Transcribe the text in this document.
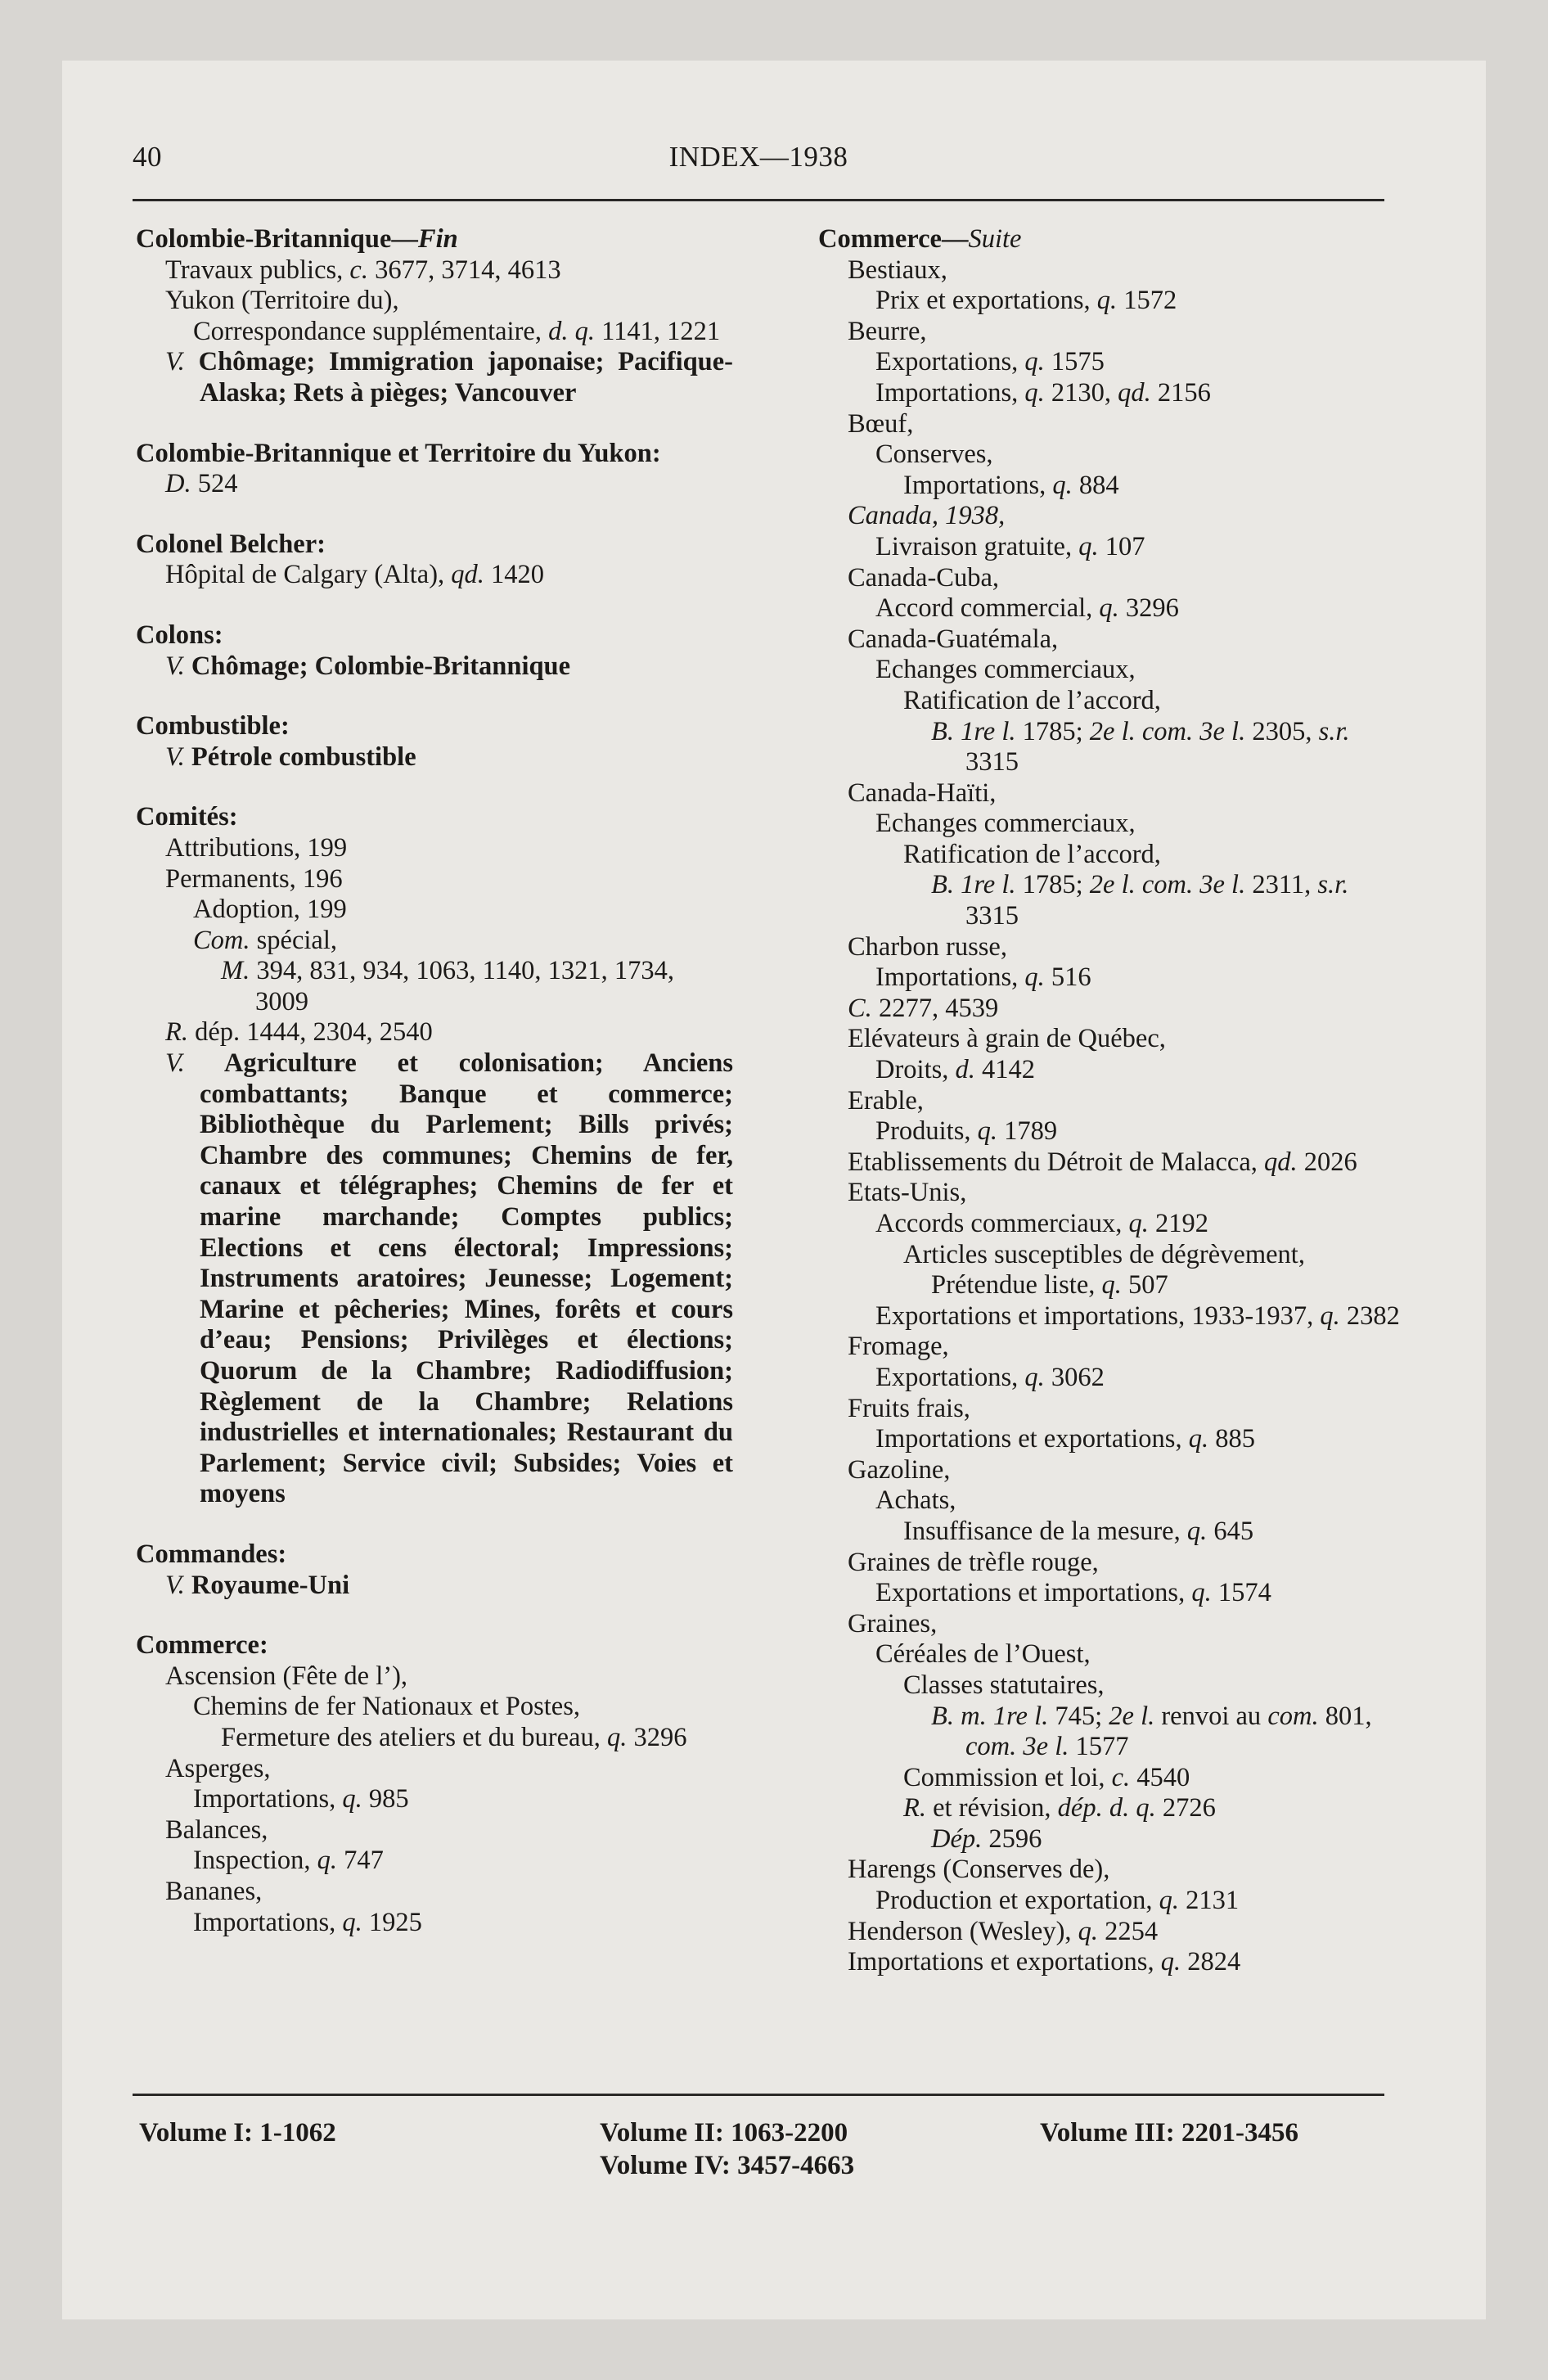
40	INDEX—1938
Colombie-Britannique—Fin
Travaux publics, c. 3677, 3714, 4613
Yukon (Territoire du),
Correspondance supplémentaire, d. q. 1141, 1221
V. Chômage; Immigration japonaise; Pacifique-Alaska; Rets à pièges; Vancouver
Colombie-Britannique et Territoire du Yukon:
D. 524
Colonel Belcher:
Hôpital de Calgary (Alta), qd. 1420
Colons:
V. Chômage; Colombie-Britannique
Combustible:
V. Pétrole combustible
Comités:
Attributions, 199
Permanents, 196
Adoption, 199
Com. spécial,
M. 394, 831, 934, 1063, 1140, 1321, 1734, 3009
R. dép. 1444, 2304, 2540
V. Agriculture et colonisation; Anciens combattants; Banque et commerce; Bibliothèque du Parlement; Bills privés; Chambre des communes; Chemins de fer, canaux et télégraphes; Chemins de fer et marine marchande; Comptes publics; Elections et cens électoral; Impressions; Instruments aratoires; Jeunesse; Logement; Marine et pêcheries; Mines, forêts et cours d’eau; Pensions; Privilèges et élections; Quorum de la Chambre; Radiodiffusion; Règlement de la Chambre; Relations industrielles et internationales; Restaurant du Parlement; Service civil; Subsides; Voies et moyens
Commandes:
V. Royaume-Uni
Commerce:
Ascension (Fête de l’),
Chemins de fer Nationaux et Postes,
Fermeture des ateliers et du bureau, q. 3296
Asperges,
Importations, q. 985
Balances,
Inspection, q. 747
Bananes,
Importations, q. 1925
Commerce—Suite
Bestiaux,
Prix et exportations, q. 1572
Beurre,
Exportations, q. 1575
Importations, q. 2130, qd. 2156
Bœuf,
Conserves,
Importations, q. 884
Canada, 1938,
Livraison gratuite, q. 107
Canada-Cuba,
Accord commercial, q. 3296
Canada-Guatémala,
Echanges commerciaux,
Ratification de l’accord,
B. 1re l. 1785; 2e l. com. 3e l. 2305, s.r. 3315
Canada-Haïti,
Echanges commerciaux,
Ratification de l’accord,
B. 1re l. 1785; 2e l. com. 3e l. 2311, s.r. 3315
Charbon russe,
Importations, q. 516
C. 2277, 4539
Elévateurs à grain de Québec,
Droits, d. 4142
Erable,
Produits, q. 1789
Etablissements du Détroit de Malacca, qd. 2026
Etats-Unis,
Accords commerciaux, q. 2192
Articles susceptibles de dégrèvement,
Prétendue liste, q. 507
Exportations et importations, 1933-1937, q. 2382
Fromage,
Exportations, q. 3062
Fruits frais,
Importations et exportations, q. 885
Gazoline,
Achats,
Insuffisance de la mesure, q. 645
Graines de trèfle rouge,
Exportations et importations, q. 1574
Graines,
Céréales de l’Ouest,
Classes statutaires,
B. m. 1re l. 745; 2e l. renvoi au com. 801, com. 3e l. 1577
Commission et loi, c. 4540
R. et révision, dép. d. q. 2726
Dép. 2596
Harengs (Conserves de),
Production et exportation, q. 2131
Henderson (Wesley), q. 2254
Importations et exportations, q. 2824
Volume I: 1-1062	Volume II: 1063-2200	Volume III: 2201-3456
Volume IV: 3457-4663
